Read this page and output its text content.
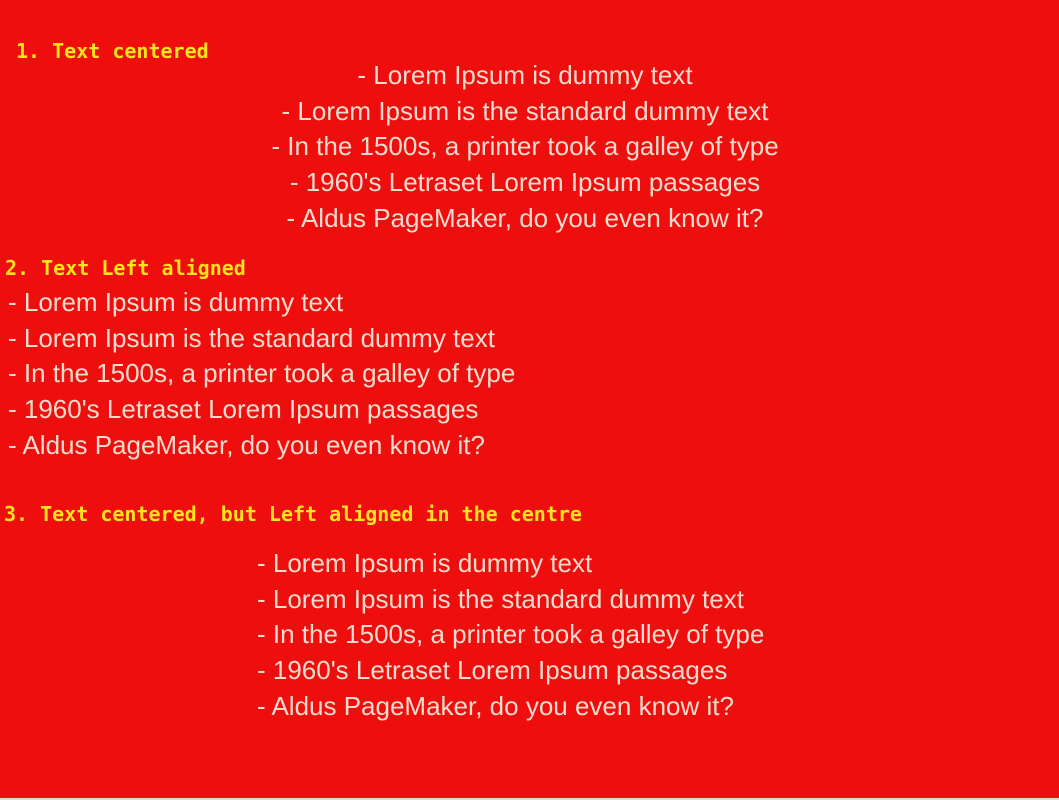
1. Text centered
- Lorem Ipsum is dummy text
- Lorem Ipsum is the standard dummy text
- In the 1500s, a printer took a galley of type
- 1960's Letraset Lorem Ipsum passages
- Aldus PageMaker, do you even know it?
2. Text Left aligned
- Lorem Ipsum is dummy text
- Lorem Ipsum is the standard dummy text
- In the 1500s, a printer took a galley of type
- 1960's Letraset Lorem Ipsum passages
- Aldus PageMaker, do you even know it?
3. Text centered, but Left aligned in the centre
- Lorem Ipsum is dummy text
- Lorem Ipsum is the standard dummy text
- In the 1500s, a printer took a galley of type
- 1960's Letraset Lorem Ipsum passages
- Aldus PageMaker, do you even know it?
